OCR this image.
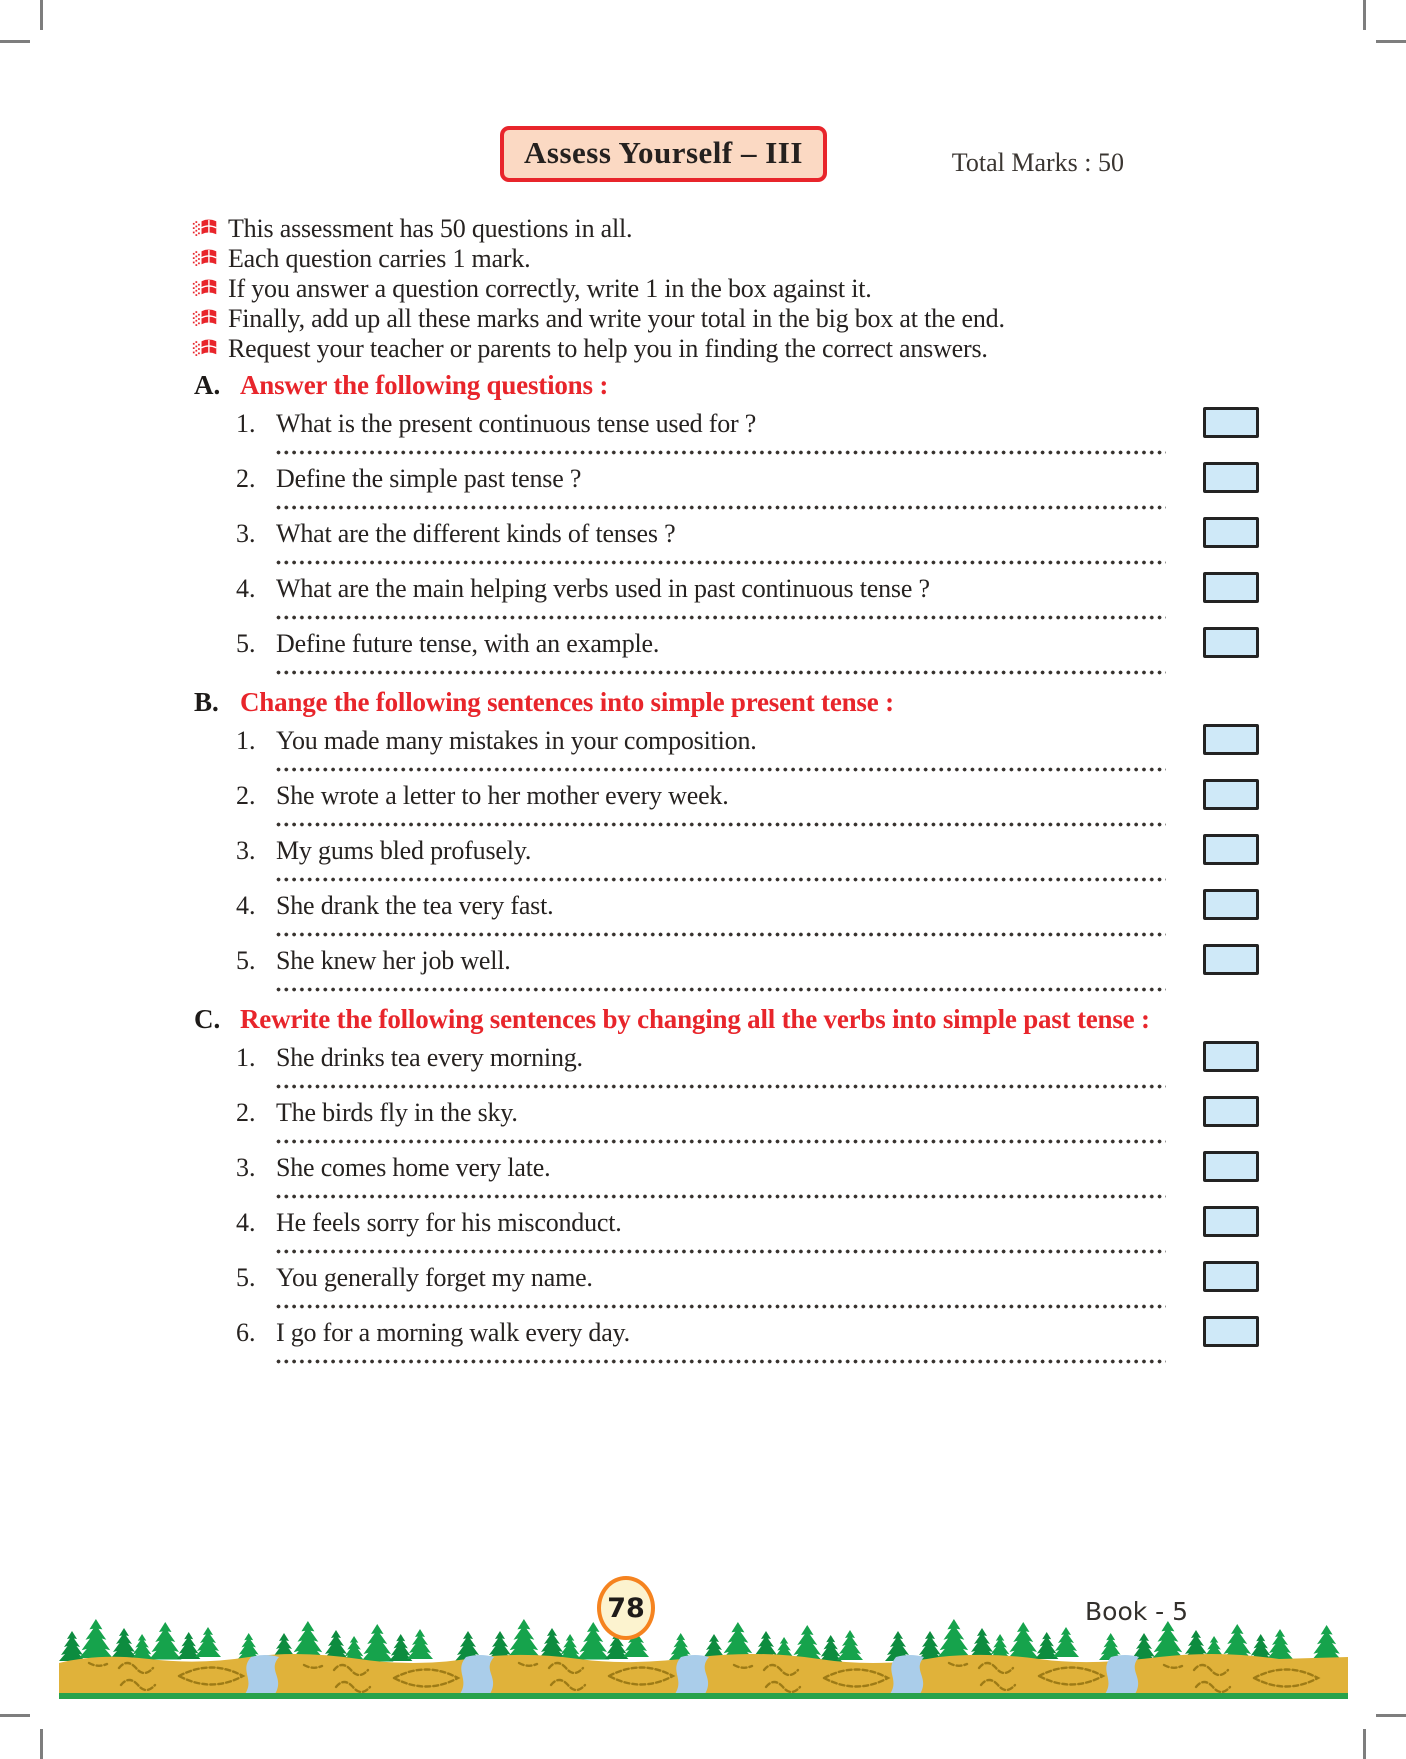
Assess Yourself – III	Total Marks : 50
This assessment has 50 questions in all.
Each question carries 1 mark.
If you answer a question correctly, write 1 in the box against it.
Finally, add up all these marks and write your total in the big box at the end.
Request your teacher or parents to help you in finding the correct answers.
A. Answer the following questions :
1. What is the present continuous tense used for ?
2. Define the simple past tense ?
3. What are the different kinds of tenses ?
4. What are the main helping verbs used in past continuous tense ?
5. Define future tense, with an example.
B. Change the following sentences into simple present tense :
1. You made many mistakes in your composition.
2. She wrote a letter to her mother every week.
3. My gums bled profusely.
4. She drank the tea very fast.
5. She knew her job well.
C. Rewrite the following sentences by changing all the verbs into simple past tense :
1. She drinks tea every morning.
2. The birds fly in the sky.
3. She comes home very late.
4. He feels sorry for his misconduct.
5. You generally forget my name.
6. I go for a morning walk every day.
78	Book - 5
